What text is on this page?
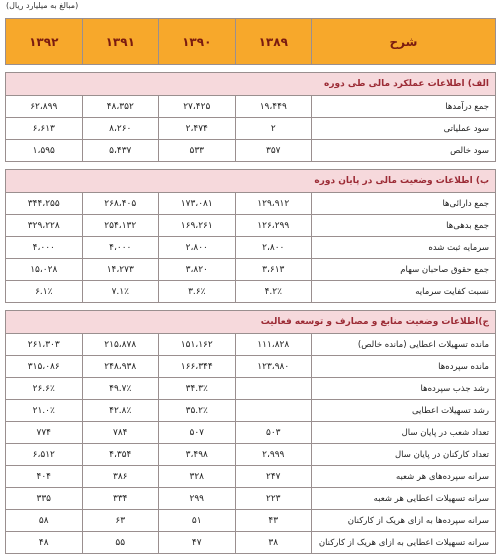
(مبالغ به میلیارد ریال)
شرح	۱۳۸۹	۱۳۹۰	۱۳۹۱	۱۳۹۲

الف) اطلاعات عملکرد مالی طی دوره				
جمع درآمدها	۱۹،۴۴۹	۲۷،۴۲۵	۴۸،۳۵۲	۶۲،۸۹۹
سود عملیاتی	۲	۲،۴۷۴	۸،۲۶۰	۶،۶۱۳
سود خالص	۳۵۷	۵۳۳	۵،۴۳۷	۱،۵۹۵

ب) اطلاعات وضعیت مالی در پایان دوره				
جمع دارائی‌ها	۱۲۹،۹۱۲	۱۷۳،۰۸۱	۲۶۸،۴۰۵	۳۴۴،۲۵۵
جمع بدهی‌ها	۱۲۶،۲۹۹	۱۶۹،۲۶۱	۲۵۴،۱۳۲	۳۲۹،۲۲۸
سرمایه ثبت شده	۲،۸۰۰	۲،۸۰۰	۴،۰۰۰	۴،۰۰۰
جمع حقوق صاحبان سهام	۳،۶۱۳	۳،۸۲۰	۱۴،۲۷۳	۱۵،۰۲۸
نسبت کفایت سرمایه	۴.۲٪	۳.۶٪	۷.۱٪	۶.۱٪

ج)اطلاعات وضعیت منابع و مصارف و توسعه فعالیت				
مانده تسهیلات اعطایی (مانده خالص)	۱۱۱،۸۲۸	۱۵۱،۱۶۲	۲۱۵،۸۷۸	۲۶۱،۳۰۳
مانده سپرده‌ها	۱۲۳،۹۸۰	۱۶۶،۳۴۴	۲۴۸،۹۳۸	۳۱۵،۰۸۶
رشد جذب سپرده‌ها		۳۴.۳٪	۴۹.۷٪	۲۶.۶٪
رشد تسهیلات اعطایی		۳۵.۲٪	۴۲.۸٪	۲۱.۰٪
تعداد شعب در پایان سال	۵۰۳	۵۰۷	۷۸۴	۷۷۴
تعداد کارکنان در پایان سال	۲،۹۹۹	۳،۴۹۸	۴،۳۵۴	۶،۵۱۲
سرانه سپرده‌های هر شعبه	۲۴۷	۳۲۸	۳۸۶	۴۰۴
سرانه تسهیلات اعطایی هر شعبه	۲۲۳	۲۹۹	۳۳۴	۳۳۵
سرانه سپرده‌ها به ازای هریک از کارکنان	۴۳	۵۱	۶۳	۵۸
سرانه تسهیلات اعطایی به ازای هریک از کارکنان	۳۸	۴۷	۵۵	۴۸
